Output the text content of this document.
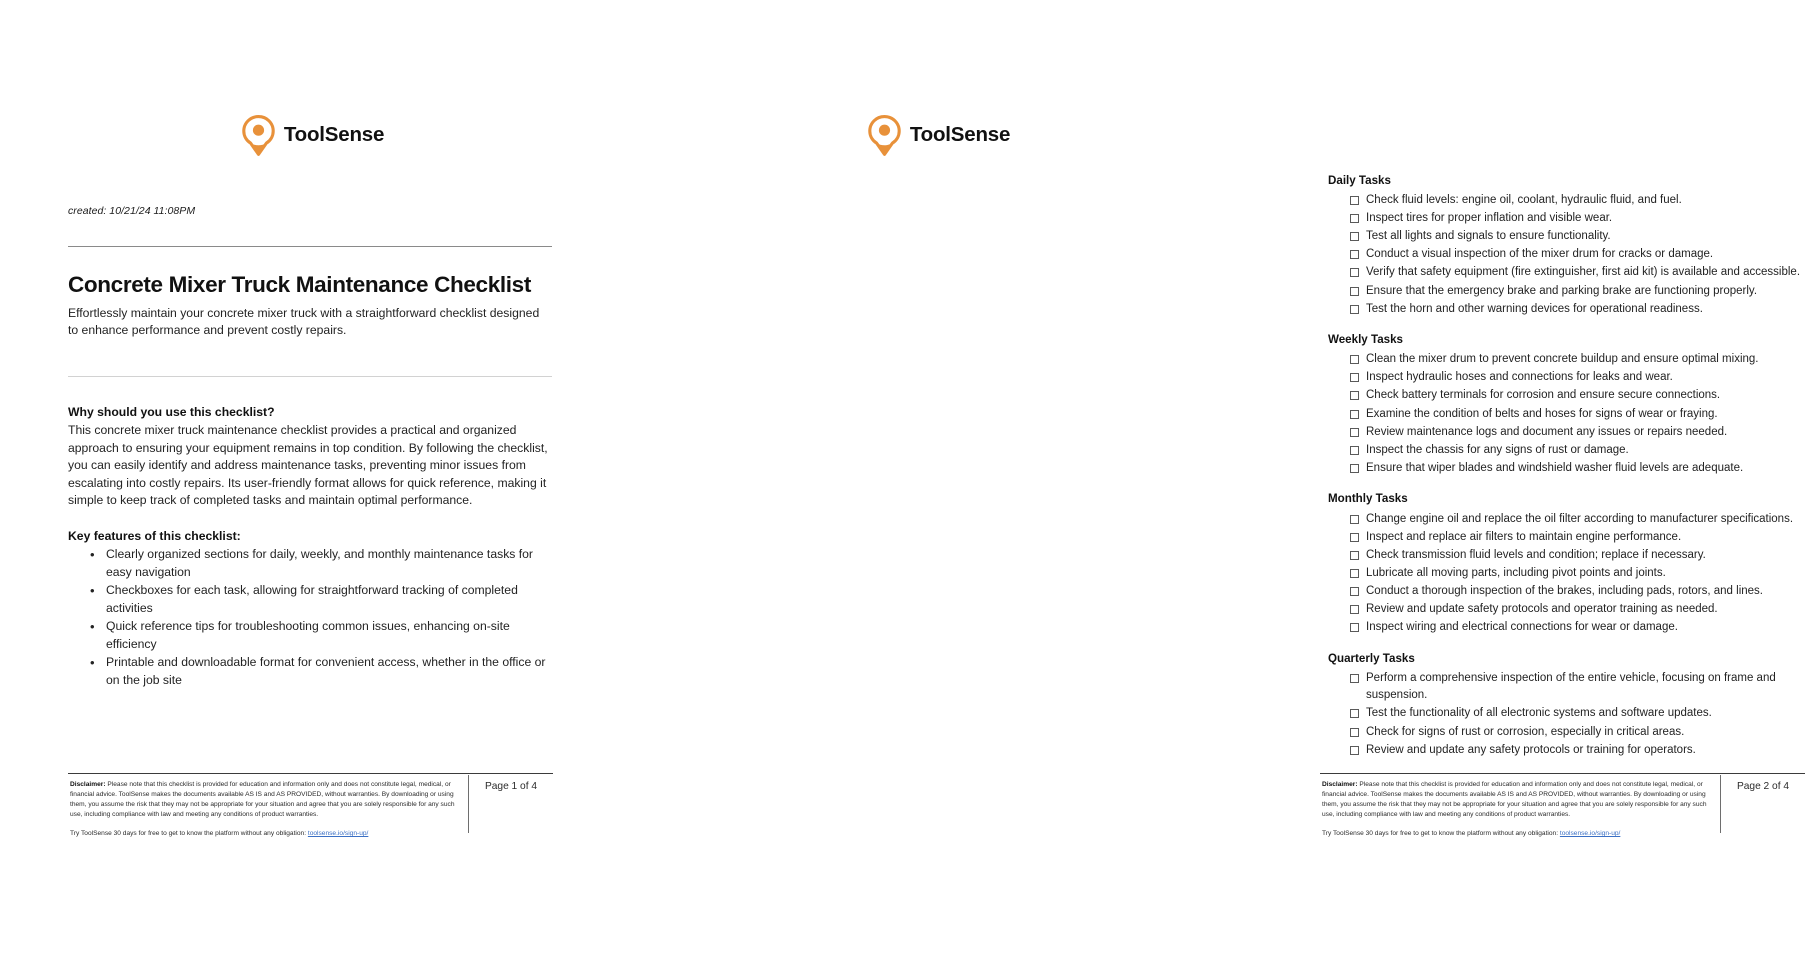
ToolSense

created: 10/21/24 11:08PM

Concrete Mixer Truck Maintenance Checklist

Effortlessly maintain your concrete mixer truck with a straightforward checklist designed to enhance performance and prevent costly repairs.

Why should you use this checklist?

This concrete mixer truck maintenance checklist provides a practical and organized approach to ensuring your equipment remains in top condition. By following the checklist, you can easily identify and address maintenance tasks, preventing minor issues from escalating into costly repairs. Its user-friendly format allows for quick reference, making it simple to keep track of completed tasks and maintain optimal performance.

Key features of this checklist:
• Clearly organized sections for daily, weekly, and monthly maintenance tasks for easy navigation
• Checkboxes for each task, allowing for straightforward tracking of completed activities
• Quick reference tips for troubleshooting common issues, enhancing on-site efficiency
• Printable and downloadable format for convenient access, whether in the office or on the job site

Disclaimer: Please note that this checklist is provided for education and information only and does not constitute legal, medical, or financial advice. ToolSense makes the documents available AS IS and AS PROVIDED, without warranties. By downloading or using them, you assume the risk that they may not be appropriate for your situation and agree that you are solely responsible for any such use, including compliance with law and meeting any conditions of product warranties.

Try ToolSense 30 days for free to get to know the platform without any obligation: toolsense.io/sign-up/

Page 1 of 4
ToolSense
Daily Tasks
Check fluid levels: engine oil, coolant, hydraulic fluid, and fuel.
Inspect tires for proper inflation and visible wear.
Test all lights and signals to ensure functionality.
Conduct a visual inspection of the mixer drum for cracks or damage.
Verify that safety equipment (fire extinguisher, first aid kit) is available and accessible.
Ensure that the emergency brake and parking brake are functioning properly.
Test the horn and other warning devices for operational readiness.
Weekly Tasks
Clean the mixer drum to prevent concrete buildup and ensure optimal mixing.
Inspect hydraulic hoses and connections for leaks and wear.
Check battery terminals for corrosion and ensure secure connections.
Examine the condition of belts and hoses for signs of wear or fraying.
Review maintenance logs and document any issues or repairs needed.
Inspect the chassis for any signs of rust or damage.
Ensure that wiper blades and windshield washer fluid levels are adequate.
Monthly Tasks
Change engine oil and replace the oil filter according to manufacturer specifications.
Inspect and replace air filters to maintain engine performance.
Check transmission fluid levels and condition; replace if necessary.
Lubricate all moving parts, including pivot points and joints.
Conduct a thorough inspection of the brakes, including pads, rotors, and lines.
Review and update safety protocols and operator training as needed.
Inspect wiring and electrical connections for wear or damage.
Quarterly Tasks
Perform a comprehensive inspection of the entire vehicle, focusing on frame and suspension.
Test the functionality of all electronic systems and software updates.
Check for signs of rust or corrosion, especially in critical areas.
Review and update any safety protocols or training for operators.

Disclaimer: Please note that this checklist is provided for education and information only and does not constitute legal, medical, or financial advice. ToolSense makes the documents available AS IS and AS PROVIDED, without warranties. By downloading or using them, you assume the risk that they may not be appropriate for your situation and agree that you are solely responsible for any such use, including compliance with law and meeting any conditions of product warranties.

Try ToolSense 30 days for free to get to know the platform without any obligation: toolsense.io/sign-up/

Page 2 of 4
